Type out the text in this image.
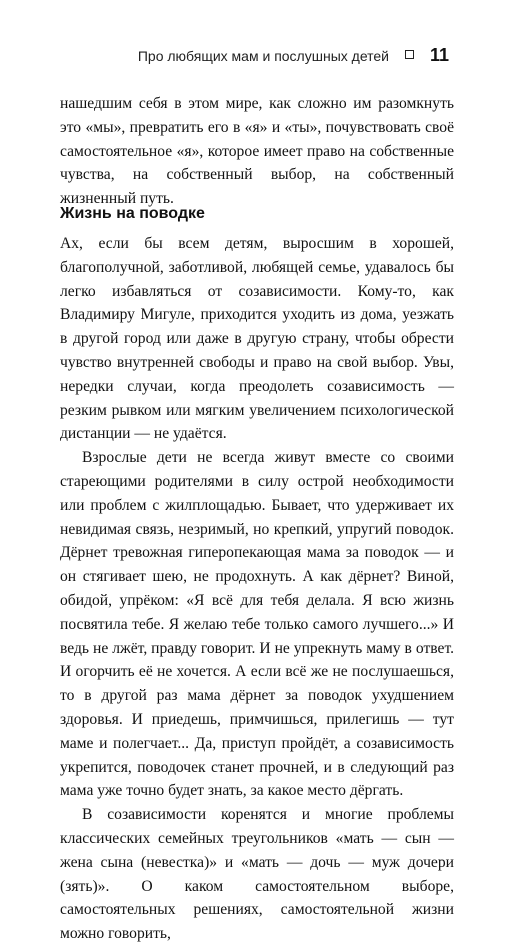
Про любящих мам и послушных детей 11

нашедшим себя в этом мире, как сложно им разомкнуть это «мы», превратить его в «я» и «ты», почувствовать своё самостоятельное «я», которое имеет право на собственные чувства, на собственный выбор, на собственный жизненный путь.

Жизнь на поводке

Ах, если бы всем детям, выросшим в хорошей, благополучной, заботливой, любящей семье, удавалось бы легко избавляться от созависимости. Кому-то, как Владимиру Мигуле, приходится уходить из дома, уезжать в другой город или даже в другую страну, чтобы обрести чувство внутренней свободы и право на свой выбор. Увы, нередки случаи, когда преодолеть созависимость — резким рывком или мягким увеличением психологической дистанции — не удаётся.

Взрослые дети не всегда живут вместе со своими стареющими родителями в силу острой необходимости или проблем с жилплощадью. Бывает, что удерживает их невидимая связь, незримый, но крепкий, упругий поводок. Дёрнет тревожная гиперопекающая мама за поводок — и он стягивает шею, не продохнуть. А как дёрнет? Виной, обидой, упрёком: «Я всё для тебя делала. Я всю жизнь посвятила тебе. Я желаю тебе только самого лучшего...» И ведь не лжёт, правду говорит. И не упрекнуть маму в ответ. И огорчить её не хочется. А если всё же не послушаешься, то в другой раз мама дёрнет за поводок ухудшением здоровья. И приедешь, примчишься, прилегишь — тут маме и полегчает... Да, приступ пройдёт, а созависимость укрепится, поводочек станет прочней, и в следующий раз мама уже точно будет знать, за какое место дёргать.

В созависимости коренятся и многие проблемы классических семейных треугольников «мать — сын — жена сына (невестка)» и «мать — дочь — муж дочери (зять)». О каком самостоятельном выборе, самостоятельных решениях, самостоятельной жизни можно говорить,
